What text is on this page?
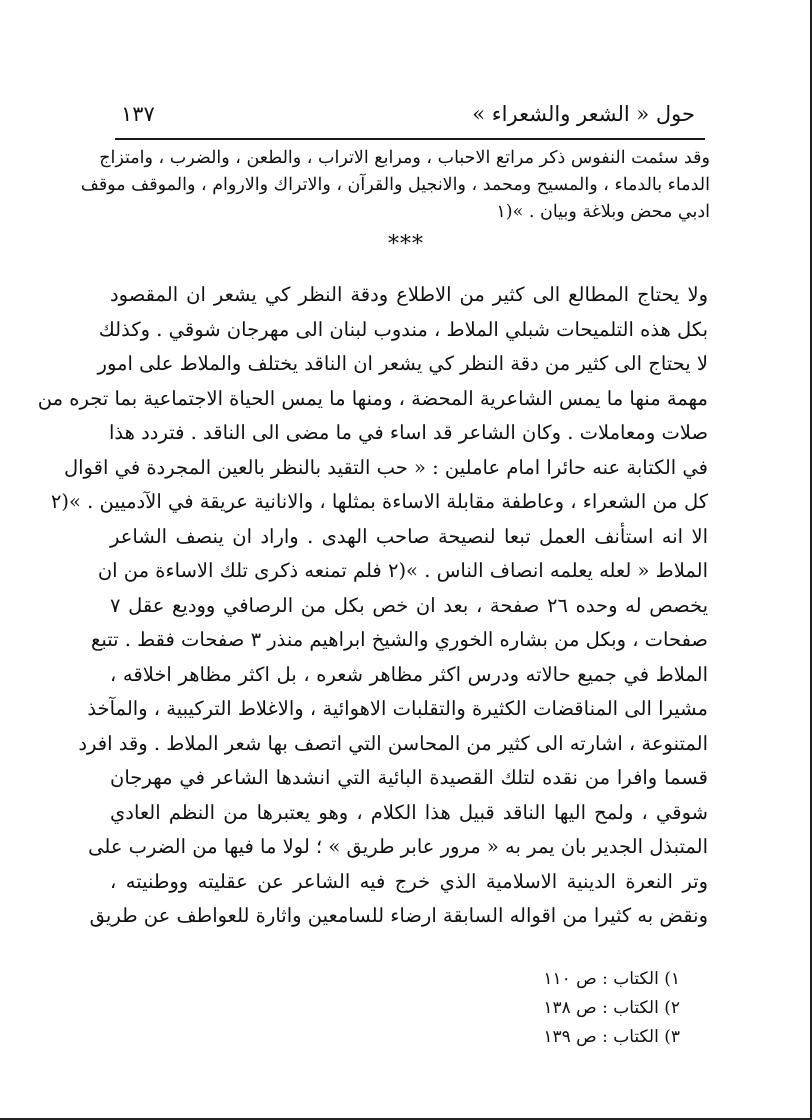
حول « الشعر والشعراء »
١٣٧
وقد سئمت النفوس ذكر مراتع الاحباب ، ومرابع الاتراب ، والطعن ، والضرب ، وامتزاج
الدماء بالدماء ، والمسيح ومحمد ، والانجيل والقرآن ، والاتراك والاروام ، والموقف موقف
ادبي محض وبلاغة وبيان . »(١
***
ولا يحتاج المطالع الى كثير من الاطلاع ودقة النظر كي يشعر ان المقصود
بكل هذه التلميحات شبلي الملاط ، مندوب لبنان الى مهرجان شوقي . وكذلك
لا يحتاج الى كثير من دقة النظر كي يشعر ان الناقد يختلف والملاط على امور
مهمة منها ما يمس الشاعرية المحضة ، ومنها ما يمس الحياة الاجتماعية بما تجره من
صلات ومعاملات . وكان الشاعر قد اساء في ما مضى الى الناقد . فتردد هذا
في الكتابة عنه حائرا امام عاملين : « حب التقيد بالنظر بالعين المجردة في اقوال
كل من الشعراء ، وعاطفة مقابلة الاساءة بمثلها ، والانانية عريقة في الآدميين . »(٢
الا انه استأنف العمل تبعا لنصيحة صاحب الهدى . واراد ان ينصف الشاعر
الملاط « لعله يعلمه انصاف الناس . »(٢ فلم تمنعه ذكرى تلك الاساءة من ان
يخصص له وحده ٢٦ صفحة ، بعد ان خص بكل من الرصافي ووديع عقل ٧
صفحات ، وبكل من بشاره الخوري والشيخ ابراهيم منذر ٣ صفحات فقط . تتبع
الملاط في جميع حالاته ودرس اكثر مظاهر شعره ، بل اكثر مظاهر اخلاقه ،
مشيرا الى المناقضات الكثيرة والتقلبات الاهوائية ، والاغلاط التركيبية ، والمآخذ
المتنوعة ، اشارته الى كثير من المحاسن التي اتصف بها شعر الملاط . وقد افرد
قسما وافرا من نقده لتلك القصيدة البائية التي انشدها الشاعر في مهرجان
شوقي ، ولمح اليها الناقد قبيل هذا الكلام ، وهو يعتبرها من النظم العادي
المتبذل الجدير بان يمر به « مرور عابر طريق » ؛ لولا ما فيها من الضرب على
وتر النعرة الدينية الاسلامية الذي خرج فيه الشاعر عن عقليته ووطنيته ،
ونقض به كثيرا من اقواله السابقة ارضاء للسامعين واثارة للعواطف عن طريق
١) الكتاب : ص ١١٠
٢) الكتاب : ص ١٣٨
٣) الكتاب : ص ١٣٩
